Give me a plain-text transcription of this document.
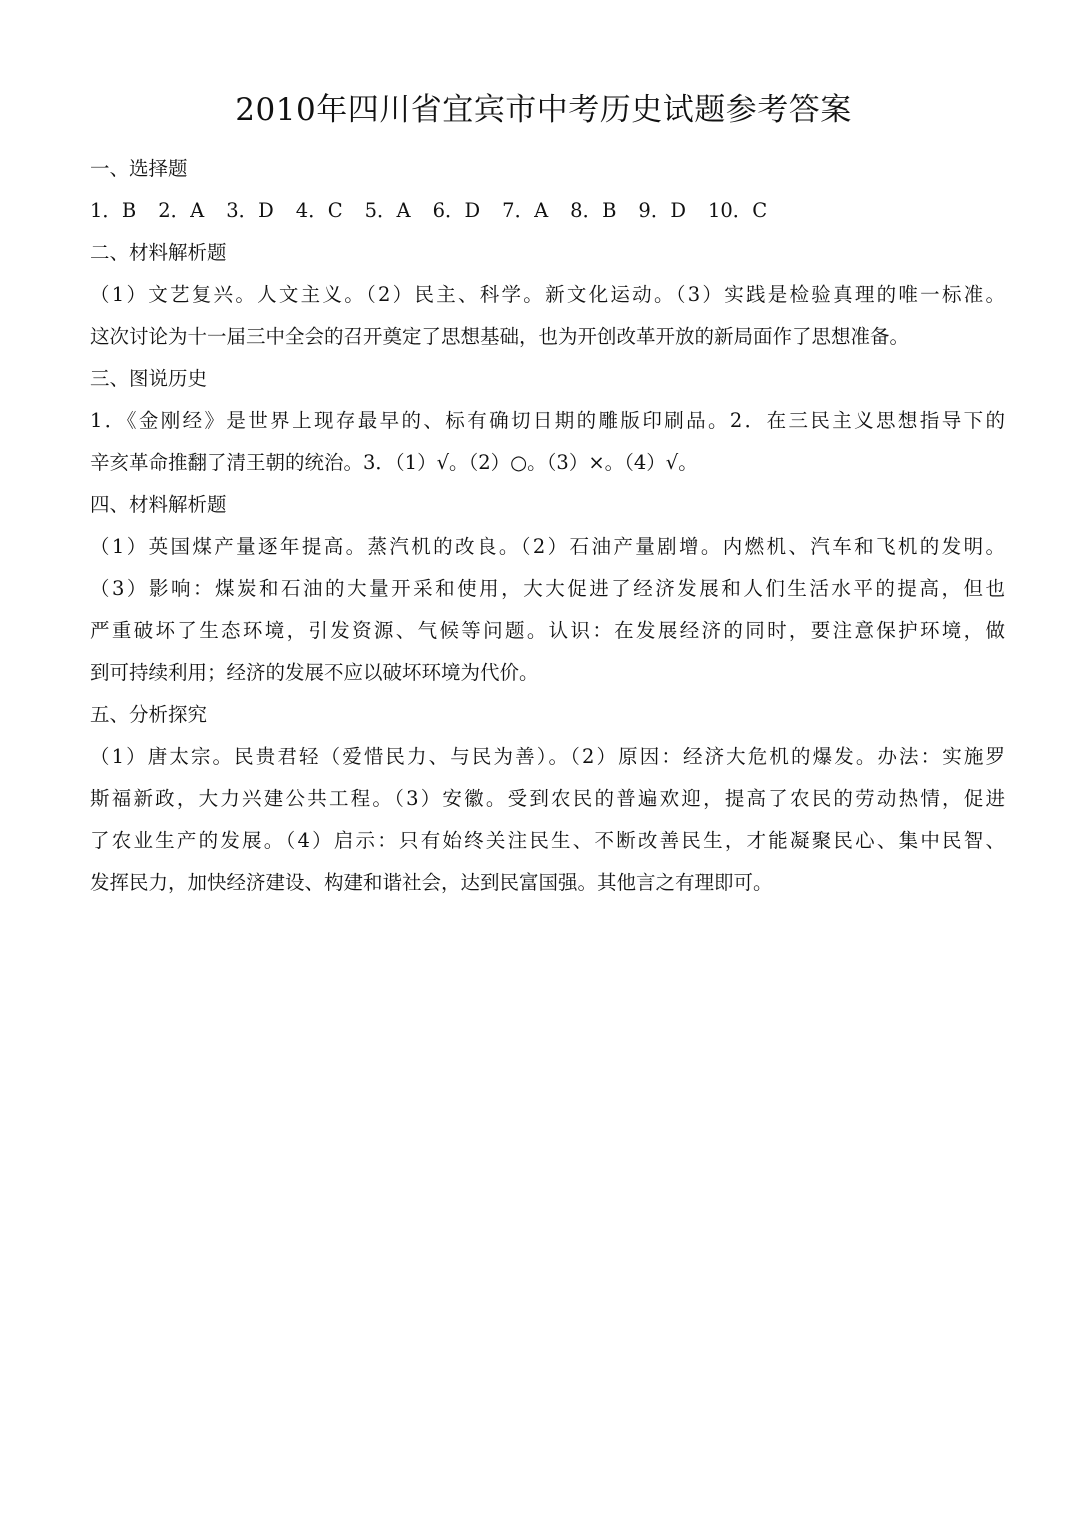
2010年四川省宜宾市中考历史试题参考答案

一、选择题

1．B 2．A 3．D 4．C 5．A 6．D 7．A 8．B 9．D 10．C

二、材料解析题

（1）文艺复兴。人文主义。（2）民主、科学。新文化运动。（3）实践是检验真理的唯一标准。

这次讨论为十一届三中全会的召开奠定了思想基础，也为开创改革开放的新局面作了思想准备。

三、图说历史

1．《金刚经》是世界上现存最早的、标有确切日期的雕版印刷品。2．在三民主义思想指导下的

辛亥革命推翻了清王朝的统治。3．（1）√。（2）○。（3）×。（4）√。

四、材料解析题

（1）英国煤产量逐年提高。蒸汽机的改良。（2）石油产量剧增。内燃机、汽车和飞机的发明。

（3）影响：煤炭和石油的大量开采和使用，大大促进了经济发展和人们生活水平的提高，但也

严重破坏了生态环境，引发资源、气候等问题。认识：在发展经济的同时，要注意保护环境，做

到可持续利用；经济的发展不应以破坏环境为代价。

五、分析探究

（1）唐太宗。民贵君轻（爱惜民力、与民为善）。（2）原因：经济大危机的爆发。办法：实施罗

斯福新政，大力兴建公共工程。（3）安徽。受到农民的普遍欢迎，提高了农民的劳动热情，促进

了农业生产的发展。（4）启示：只有始终关注民生、不断改善民生，才能凝聚民心、集中民智、

发挥民力，加快经济建设、构建和谐社会，达到民富国强。其他言之有理即可。
